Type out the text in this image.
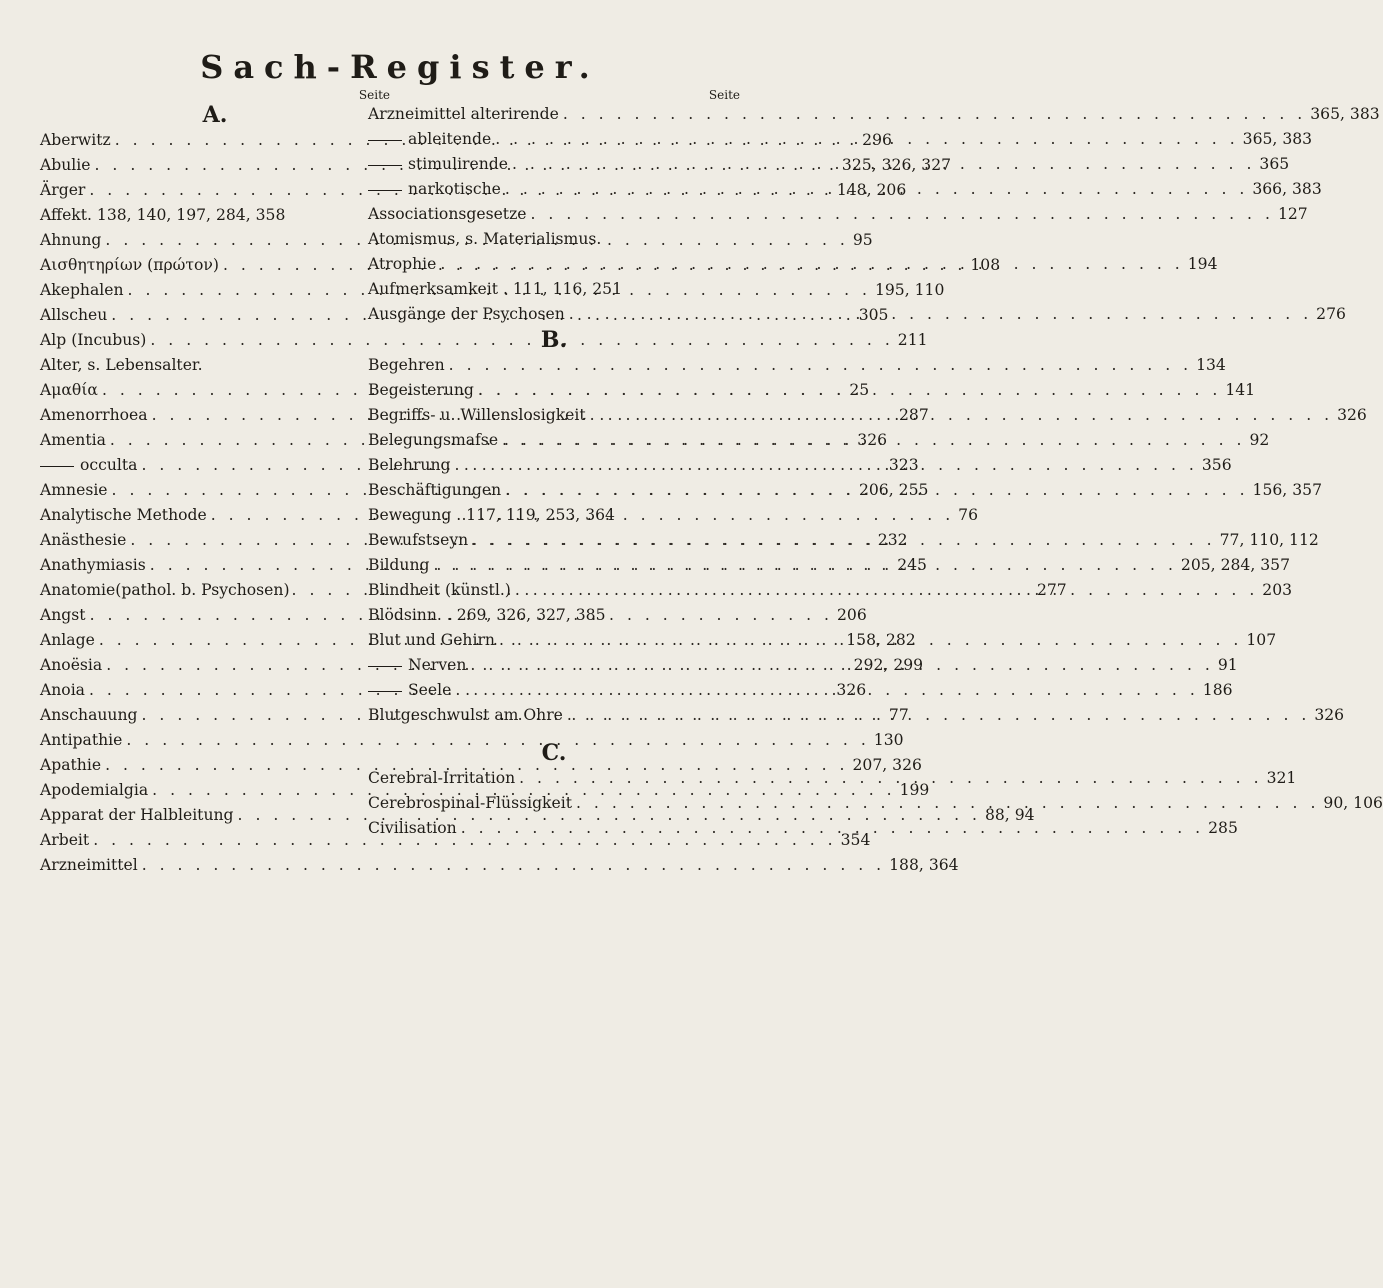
Sach-Register.
Seite
A.
Aberwitz . . .	296
Abulie . . .	325, 326, 327
Ärger . . .	148, 206
Affekt. 138, 140, 197, 284, 358
Ahnung . . .	95
Αισθητηρίων (πρώτον) . . .	108
Akephalen . . .	195, 110
Allscheu . . .	305
Alp (Incubus) . . .	211
Alter, s. Lebensalter.
Αμαθία . . .	25
Amenorrhoea . . .	287
Amentia . . .	326
occulta . . .	323
Amnesie . . .	206, 255
Analytische Methode . . .	76
Anästhesie . . .	232
Anathymiasis . . .	245
Anatomie(pathol. b. Psychosen) . . .	277
Angst . . .	206
Anlage . . .	158, 282
Anoësia . . .	292, 299
Anoia . . .	326
Anschauung . . .	77
Antipathie . . .	130
Apathie . . .	207, 326
Apodemialgia . . .	199
Apparat der Halbleitung . . .	88, 94
Arbeit . . .	354
Arzneimittel . . .	188, 364
Seite
Arzneimittel alterirende . . .	365, 383
ableitende . . .	365, 383
stimulirende . . .	365
narkotische . . .	366, 383
Associationsgesetze . . .	127
Atomismus, s. Materialismus.
Atrophie . . .	194
Aufmerksamkeit . 111, 116, 251
Ausgänge der Psychosen . . .	276
B.
Begehren . . .	134
Begeisterung . . .	141
Begriffs- u. Willenslosigkeit . . .	326
Belegungsmafse . . .	92
Belehrung . . .	356
Beschäftigungen . . .	156, 357
Bewegung . 117, 119, 253, 364
Bewufstseyn . . .	77, 110, 112
Bildung . . .	205, 284, 357
Blindheit (künstl.) . . .	203
Blödsinn. . 269, 326, 327, 385
Blut und Gehirn . . .	107
Nerven . . .	91
Seele . . .	186
Blutgeschwulst am Ohre . . .	326
C.
Cerebral-Irritation . . .	321
Cerebrospinal-Flüssigkeit . . .	90, 106
Civilisation . . .	285
